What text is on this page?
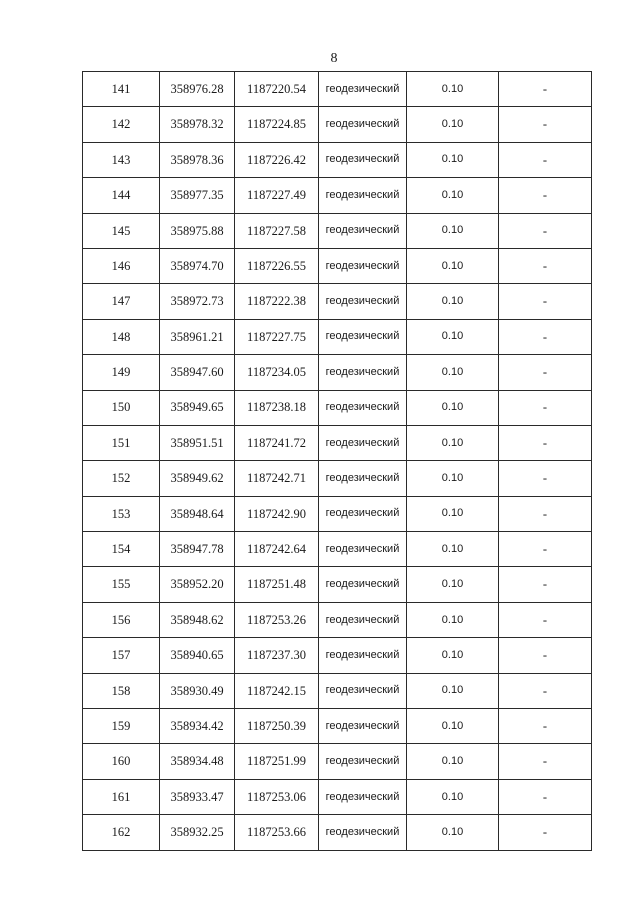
8
141	358976.28	1187220.54	геодезический	0.10	-
142	358978.32	1187224.85	геодезический	0.10	-
143	358978.36	1187226.42	геодезический	0.10	-
144	358977.35	1187227.49	геодезический	0.10	-
145	358975.88	1187227.58	геодезический	0.10	-
146	358974.70	1187226.55	геодезический	0.10	-
147	358972.73	1187222.38	геодезический	0.10	-
148	358961.21	1187227.75	геодезический	0.10	-
149	358947.60	1187234.05	геодезический	0.10	-
150	358949.65	1187238.18	геодезический	0.10	-
151	358951.51	1187241.72	геодезический	0.10	-
152	358949.62	1187242.71	геодезический	0.10	-
153	358948.64	1187242.90	геодезический	0.10	-
154	358947.78	1187242.64	геодезический	0.10	-
155	358952.20	1187251.48	геодезический	0.10	-
156	358948.62	1187253.26	геодезический	0.10	-
157	358940.65	1187237.30	геодезический	0.10	-
158	358930.49	1187242.15	геодезический	0.10	-
159	358934.42	1187250.39	геодезический	0.10	-
160	358934.48	1187251.99	геодезический	0.10	-
161	358933.47	1187253.06	геодезический	0.10	-
162	358932.25	1187253.66	геодезический	0.10	-
